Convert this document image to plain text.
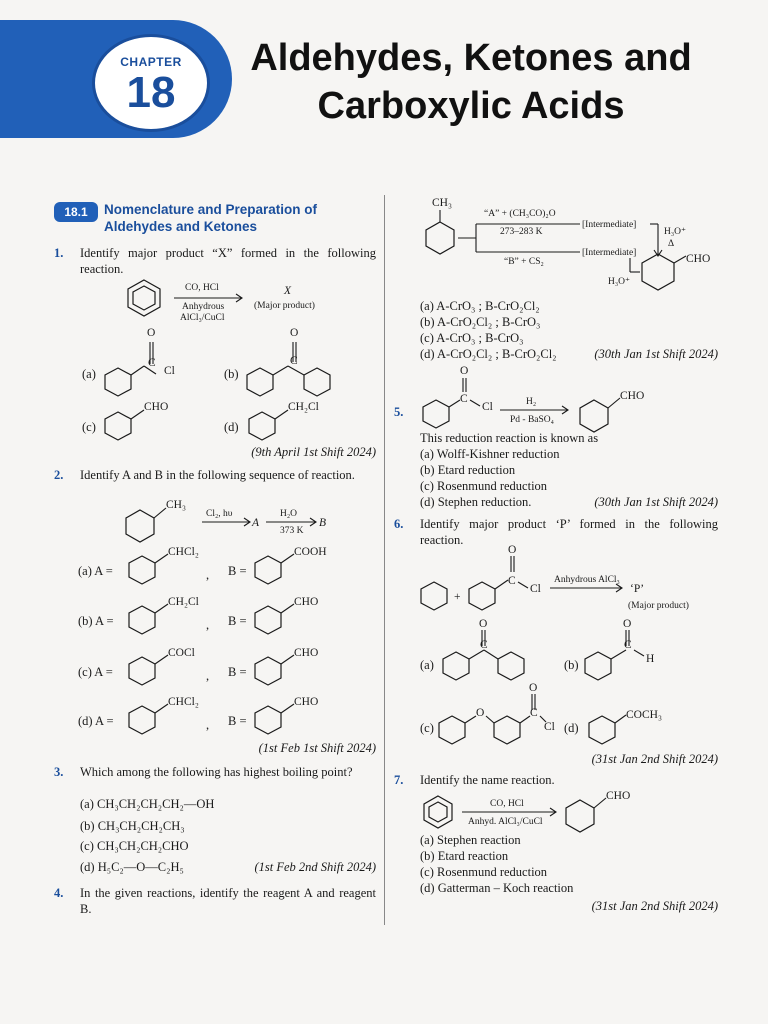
CHAPTER
18
Aldehydes, Ketones and
Carboxylic Acids
18.1	Nomenclature and Preparation of
Aldehydes and Ketones
1. Identify major product “X” formed in the following reaction.
CO, HCl
Anhydrous
AlCl₃/CuCl
X
(Major product)
(a)
O
C
Cl	(b)
O
C
(c)
CHO
(d)
CH₂Cl
(9th April 1st Shift 2024)
2. Identify A and B in the following sequence of reaction.
CH₃
Cl₂, hυ
A
H₂O
373 K
B
(a) A =
CHCl₂
, B =
COOH
(b) A =
CH₂Cl
, B =
CHO
(c) A =
COCl
, B =
CHO
(d) A =
CHCl₂
, B =
CHO
(1st Feb 1st Shift 2024)
3. Which among the following has highest boiling point?
(a) CH₃CH₂CH₂CH₂—OH
(b) CH₃CH₂CH₂CH₃
(c) CH₃CH₂CH₂CHO
(d) H₅C₂—O—C₂H₅	(1st Feb 2nd Shift 2024)
4. In the given reactions, identify the reagent A and reagent B.
CH₃
“A” + (CH₃CO)₂O
273–283 K
“B” + CS₂
[Intermediate]
[Intermediate]
H₃O⁺
Δ
H₃O⁺
CHO
(a) A-CrO₃ ; B-CrO₂Cl₂
(b) A-CrO₂Cl₂ ; B-CrO₃
(c) A-CrO₃ ; B-CrO₃
(d) A-CrO₂Cl₂ ; B-CrO₂Cl₂	(30th Jan 1st Shift 2024)
5.
O
C
Cl	H₂
Pd - BaSO₄
CHO
This reduction reaction is known as
(a) Wolff-Kishner reduction
(b) Etard reduction
(c) Rosenmund reduction
(d) Stephen reduction.	(30th Jan 1st Shift 2024)
6. Identify major product ‘P’ formed in the following reaction.
+
C
O
Cl
Anhydrous AlCl₃
‘P’
(Major product)
(a)
O
C
(b)
O
C
H
(c)
O
O
C
Cl (d)
COCH₃
(31st Jan 2nd Shift 2024)
7. Identify the name reaction.
CO, HCl
Anhyd. AlCl₃/CuCl
CHO
(a) Stephen reaction
(b) Etard reaction
(c) Rosenmund reduction
(d) Gatterman – Koch reaction
(31st Jan 2nd Shift 2024)
